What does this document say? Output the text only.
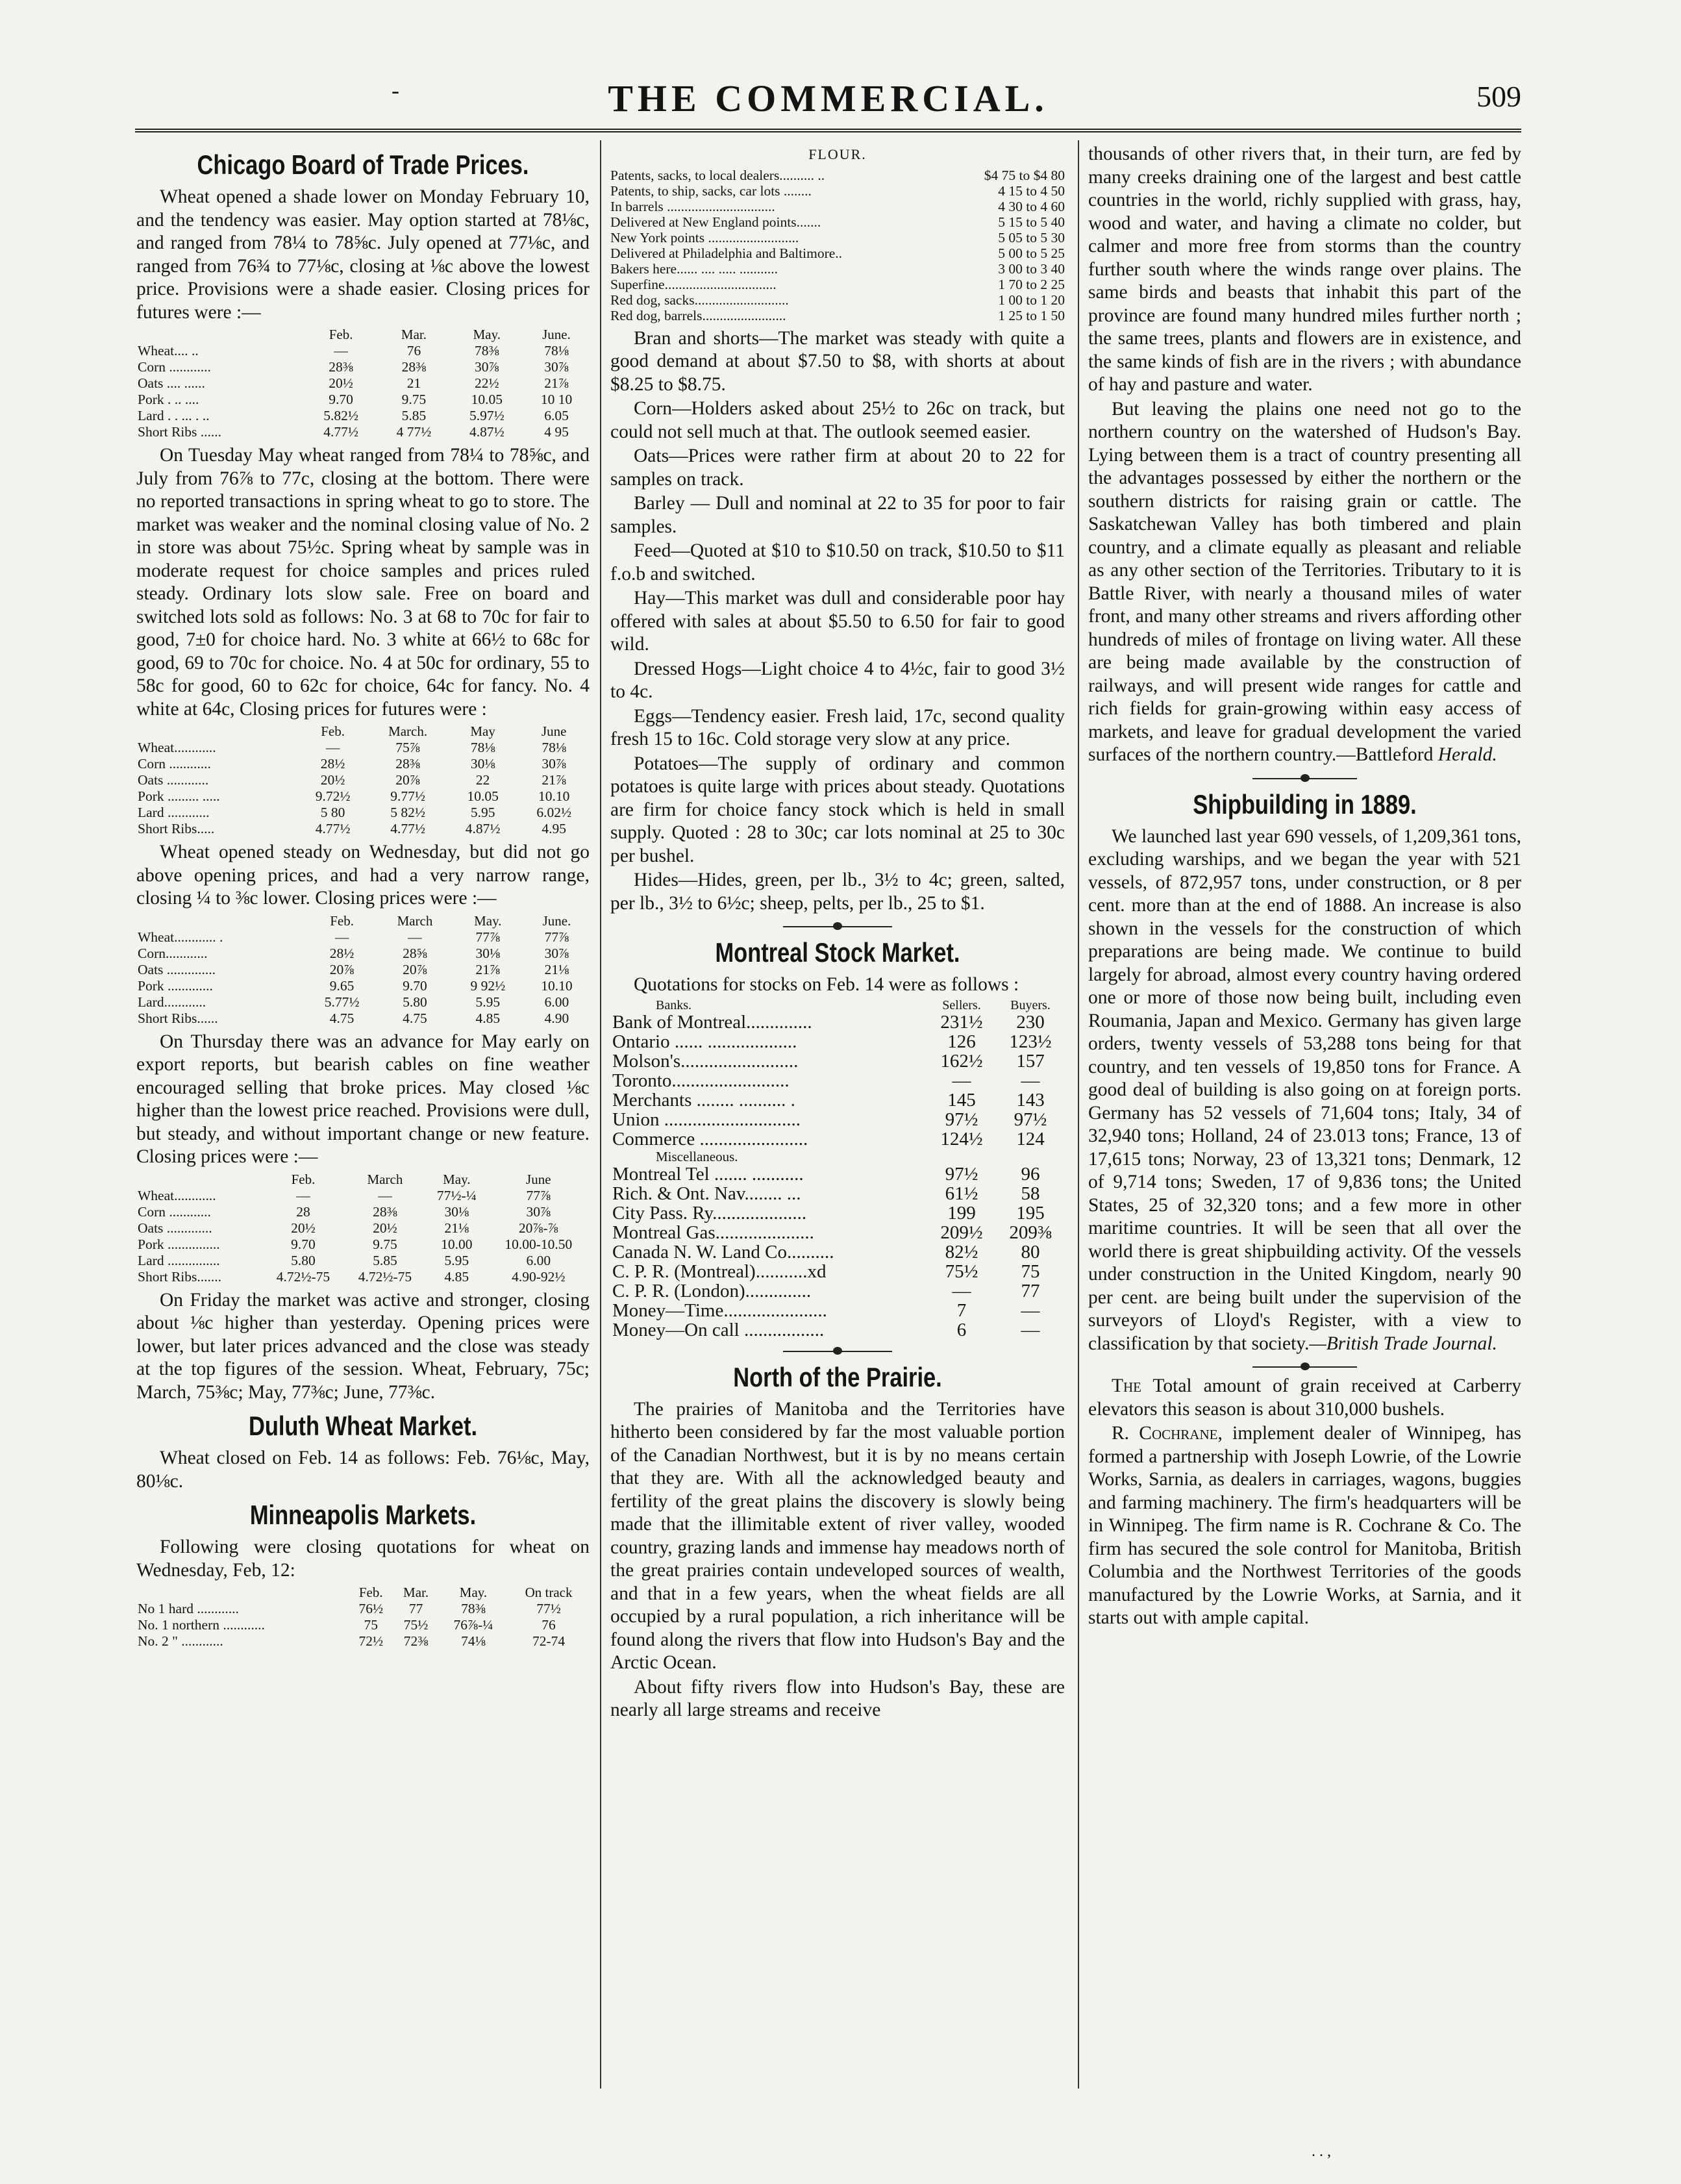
-	THE COMMERCIAL.	509
Chicago Board of Trade Prices.

Wheat opened a shade lower on Monday February 10, and the tendency was easier. May option started at 78⅛c, and ranged from 78¼ to 78⅝c. July opened at 77⅛c, and ranged from 76¾ to 77⅛c, closing at ⅛c above the lowest price. Provisions were a shade easier. Closing prices for futures were :—

	Feb.	Mar.	May.	June.
Wheat.... ..	—	76	78⅜	78⅛
Corn ............	28⅜	28⅜	30⅞	30⅞
Oats .... ......	20½	21	22½	21⅞
Pork . .. ....	9.70	9.75	10.05	10 10
Lard . . ... . ..	5.82½	5.85	5.97½	6.05
Short Ribs ......	4.77½	4 77½	4.87½	4 95

On Tuesday May wheat ranged from 78¼ to 78⅝c, and July from 76⅞ to 77c, closing at the bottom. There were no reported transactions in spring wheat to go to store. The market was weaker and the nominal closing value of No. 2 in store was about 75½c. Spring wheat by sample was in moderate request for choice samples and prices ruled steady. Ordinary lots slow sale. Free on board and switched lots sold as follows: No. 3 at 68 to 70c for fair to good, 7±0 for choice hard. No. 3 white at 66½ to 68c for good, 69 to 70c for choice. No. 4 at 50c for ordinary, 55 to 58c for good, 60 to 62c for choice, 64c for fancy. No. 4 white at 64c, Closing prices for futures were :

	Feb.	March.	May	June
Wheat............	—	75⅞	78⅛	78⅛
Corn ............	28½	28⅜	30⅛	30⅞
Oats ............	20½	20⅞	22	21⅞
Pork ......... .....	9.72½	9.77½	10.05	10.10
Lard ............	5 80	5 82½	5.95	6.02½
Short Ribs.....	4.77½	4.77½	4.87½	4.95

Wheat opened steady on Wednesday, but did not go above opening prices, and had a very narrow range, closing ¼ to ⅜c lower. Closing prices were :—

	Feb.	March	May.	June.
Wheat............ .	—	—	77⅞	77⅞
Corn............	28½	28⅝	30⅛	30⅞
Oats ..............	20⅞	20⅞	21⅞	21⅛
Pork .............	9.65	9.70	9 92½	10.10
Lard............	5.77½	5.80	5.95	6.00
Short Ribs......	4.75	4.75	4.85	4.90

On Thursday there was an advance for May early on export reports, but bearish cables on fine weather encouraged selling that broke prices. May closed ⅛c higher than the lowest price reached. Provisions were dull, but steady, and without important change or new feature. Closing prices were :—

	Feb.	March	May.	June
Wheat............	—	—	77½-¼	77⅞
Corn ............	28	28⅜	30⅛	30⅞
Oats .............	20½	20½	21⅛	20⅞-⅞
Pork ...............	9.70	9.75	10.00	10.00-10.50
Lard ...............	5.80	5.85	5.95	6.00
Short Ribs.......	4.72½-75	4.72½-75	4.85	4.90-92½

On Friday the market was active and stronger, closing about ⅛c higher than yesterday. Opening prices were lower, but later prices advanced and the close was steady at the top figures of the session. Wheat, February, 75c; March, 75⅜c; May, 77⅜c; June, 77⅜c.

Duluth Wheat Market.

Wheat closed on Feb. 14 as follows: Feb. 76⅛c, May, 80⅛c.

Minneapolis Markets.

Following were closing quotations for wheat on Wednesday, Feb, 12:

	Feb.	Mar.	May.	On track
No 1 hard ............	76½	77	78⅜	77½
No. 1 northern ............	75	75½	76⅞-¼	76
No. 2 " ............	72½	72⅜	74⅛	72-74
FLOUR.
Patents, sacks, to local dealers.......... ..	$4 75 to $4 80
Patents, to ship, sacks, car lots ........	4 15 to 4 50
In barrels ...............................	4 30 to 4 60
Delivered at New England points.......	5 15 to 5 40
New York points ..........................	5 05 to 5 30
Delivered at Philadelphia and Baltimore..	5 00 to 5 25
Bakers here...... .... ..... ...........	3 00 to 3 40
Superfine................................	1 70 to 2 25
Red dog, sacks...........................	1 00 to 1 20
Red dog, barrels........................	1 25 to 1 50

Bran and shorts—The market was steady with quite a good demand at about $7.50 to $8, with shorts at about $8.25 to $8.75.

Corn—Holders asked about 25½ to 26c on track, but could not sell much at that. The outlook seemed easier.

Oats—Prices were rather firm at about 20 to 22 for samples on track.

Barley — Dull and nominal at 22 to 35 for poor to fair samples.

Feed—Quoted at $10 to $10.50 on track, $10.50 to $11 f.o.b and switched.

Hay—This market was dull and considerable poor hay offered with sales at about $5.50 to 6.50 for fair to good wild.

Dressed Hogs—Light choice 4 to 4½c, fair to good 3½ to 4c.

Eggs—Tendency easier. Fresh laid, 17c, second quality fresh 15 to 16c. Cold storage very slow at any price.

Potatoes—The supply of ordinary and common potatoes is quite large with prices about steady. Quotations are firm for choice fancy stock which is held in small supply. Quoted : 28 to 30c; car lots nominal at 25 to 30c per bushel.

Hides—Hides, green, per lb., 3½ to 4c; green, salted, per lb., 3½ to 6½c; sheep, pelts, per lb., 25 to $1.

Montreal Stock Market.

Quotations for stocks on Feb. 14 were as follows :

Banks.	Sellers.	Buyers.
Bank of Montreal..............	231½	230
Ontario ...... ...................	126	123½
Molson's.........................	162½	157
Toronto.........................	—	—
Merchants ........ .......... .	145	143
Union .............................	97½	97½
Commerce .......................	124½	124
Miscellaneous.		
Montreal Tel ....... ...........	97½	96
Rich. & Ont. Nav........ ...	61½	58
City Pass. Ry....................	199	195
Montreal Gas.....................	209½	209⅜
Canada N. W. Land Co..........	82½	80
C. P. R. (Montreal)...........xd	75½	75
C. P. R. (London)..............	—	77
Money—Time......................	7	—
Money—On call .................	6	—
North of the Prairie.

The prairies of Manitoba and the Territories have hitherto been considered by far the most valuable portion of the Canadian Northwest, but it is by no means certain that they are. With all the acknowledged beauty and fertility of the great plains the discovery is slowly being made that the illimitable extent of river valley, wooded country, grazing lands and immense hay meadows north of the great prairies contain undeveloped sources of wealth, and that in a few years, when the wheat fields are all occupied by a rural population, a rich inheritance will be found along the rivers that flow into Hudson's Bay and the Arctic Ocean.

About fifty rivers flow into Hudson's Bay, these are nearly all large streams and receive

thousands of other rivers that, in their turn, are fed by many creeks draining one of the largest and best cattle countries in the world, richly supplied with grass, hay, wood and water, and having a climate no colder, but calmer and more free from storms than the country further south where the winds range over plains. The same birds and beasts that inhabit this part of the province are found many hundred miles further north ; the same trees, plants and flowers are in existence, and the same kinds of fish are in the rivers ; with abundance of hay and pasture and water.

But leaving the plains one need not go to the northern country on the watershed of Hudson's Bay. Lying between them is a tract of country presenting all the advantages possessed by either the northern or the southern districts for raising grain or cattle. The Saskatchewan Valley has both timbered and plain country, and a climate equally as pleasant and reliable as any other section of the Territories. Tributary to it is Battle River, with nearly a thousand miles of water front, and many other streams and rivers affording other hundreds of miles of frontage on living water. All these are being made available by the construction of railways, and will present wide ranges for cattle and rich fields for grain-growing within easy access of markets, and leave for gradual development the varied surfaces of the northern country.—Battleford Herald.

Shipbuilding in 1889.

We launched last year 690 vessels, of 1,209,361 tons, excluding warships, and we began the year with 521 vessels, of 872,957 tons, under construction, or 8 per cent. more than at the end of 1888. An increase is also shown in the vessels for the construction of which preparations are being made. We continue to build largely for abroad, almost every country having ordered one or more of those now being built, including even Roumania, Japan and Mexico. Germany has given large orders, twenty vessels of 53,288 tons being for that country, and ten vessels of 19,850 tons for France. A good deal of building is also going on at foreign ports. Germany has 52 vessels of 71,604 tons; Italy, 34 of 32,940 tons; Holland, 24 of 23.013 tons; France, 13 of 17,615 tons; Norway, 23 of 13,321 tons; Denmark, 12 of 9,714 tons; Sweden, 17 of 9,836 tons; the United States, 25 of 32,320 tons; and a few more in other maritime countries. It will be seen that all over the world there is great shipbuilding activity. Of the vessels under construction in the United Kingdom, nearly 90 per cent. are being built under the supervision of the surveyors of Lloyd's Register, with a view to classification by that society.—British Trade Journal.

The Total amount of grain received at Carberry elevators this season is about 310,000 bushels.

R. Cochrane, implement dealer of Winnipeg, has formed a partnership with Joseph Lowrie, of the Lowrie Works, Sarnia, as dealers in carriages, wagons, buggies and farming machinery. The firm's headquarters will be in Winnipeg. The firm name is R. Cochrane & Co. The firm has secured the sole control for Manitoba, British Columbia and the Northwest Territories of the goods manufactured by the Lowrie Works, at Sarnia, and it starts out with ample capital.

. . ,
